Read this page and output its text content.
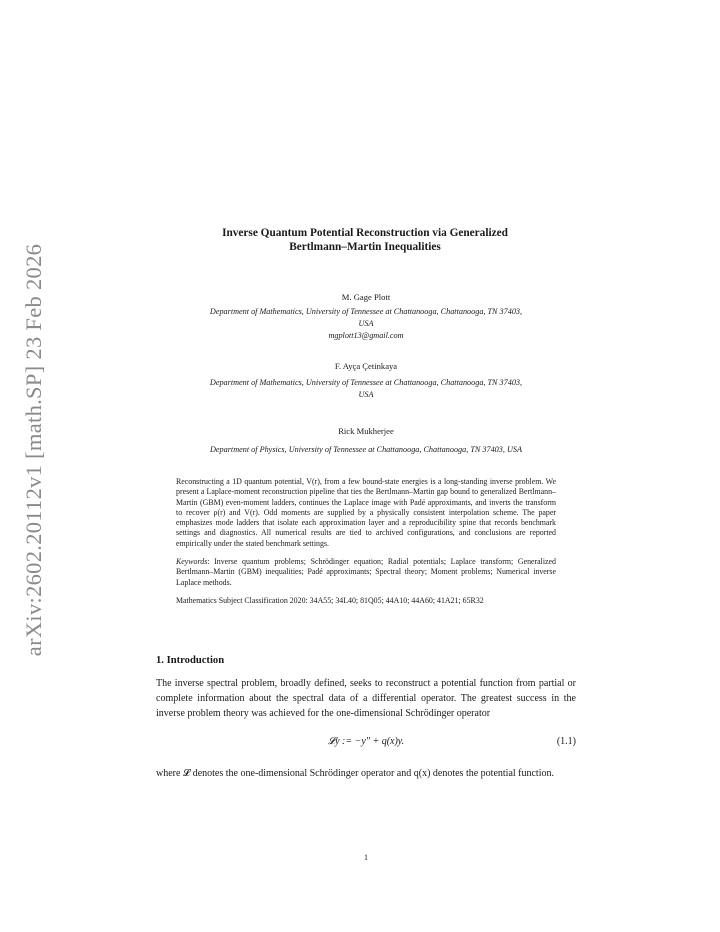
arXiv:2602.20112v1 [math.SP] 23 Feb 2026
Inverse Quantum Potential Reconstruction via Generalized
Bertlmann–Martin Inequalities
M. Gage Plott
Department of Mathematics, University of Tennessee at Chattanooga, Chattanooga, TN 37403,
USA
mgplott13@gmail.com
F. Ayça Çetinkaya
Department of Mathematics, University of Tennessee at Chattanooga, Chattanooga, TN 37403,
USA
Rick Mukherjee
Department of Physics, University of Tennessee at Chattanooga, Chattanooga, TN 37403, USA

Reconstructing a 1D quantum potential, V(r), from a few bound-state energies is a long-standing inverse problem. We present a Laplace-moment reconstruction pipeline that ties the Bertlmann–Martin gap bound to generalized Bertlmann–Martin (GBM) even-moment ladders, continues the Laplace image with Padé approximants, and inverts the transform to recover ρ(r) and V(r). Odd moments are supplied by a physically consistent interpolation scheme. The paper emphasizes mode ladders that isolate each approximation layer and a reproducibility spine that records benchmark settings and diagnostics. All numerical results are tied to archived configurations, and conclusions are reported empirically under the stated benchmark settings.

Keywords: Inverse quantum problems; Schrödinger equation; Radial potentials; Laplace transform; Generalized Bertlmann–Martin (GBM) inequalities; Padé approximants; Spectral theory; Moment problems; Numerical inverse Laplace methods.

Mathematics Subject Classification 2020: 34A55; 34L40; 81Q05; 44A10; 44A60; 41A21; 65R32

1. Introduction
The inverse spectral problem, broadly defined, seeks to reconstruct a potential function from partial or complete information about the spectral data of a differential operator. The greatest success in the inverse problem theory was achieved for the one-dimensional Schrödinger operator
𝓛y := −y″ + q(x)y.	(1.1)
where 𝓛 denotes the one-dimensional Schrödinger operator and q(x) denotes the potential function.
1
